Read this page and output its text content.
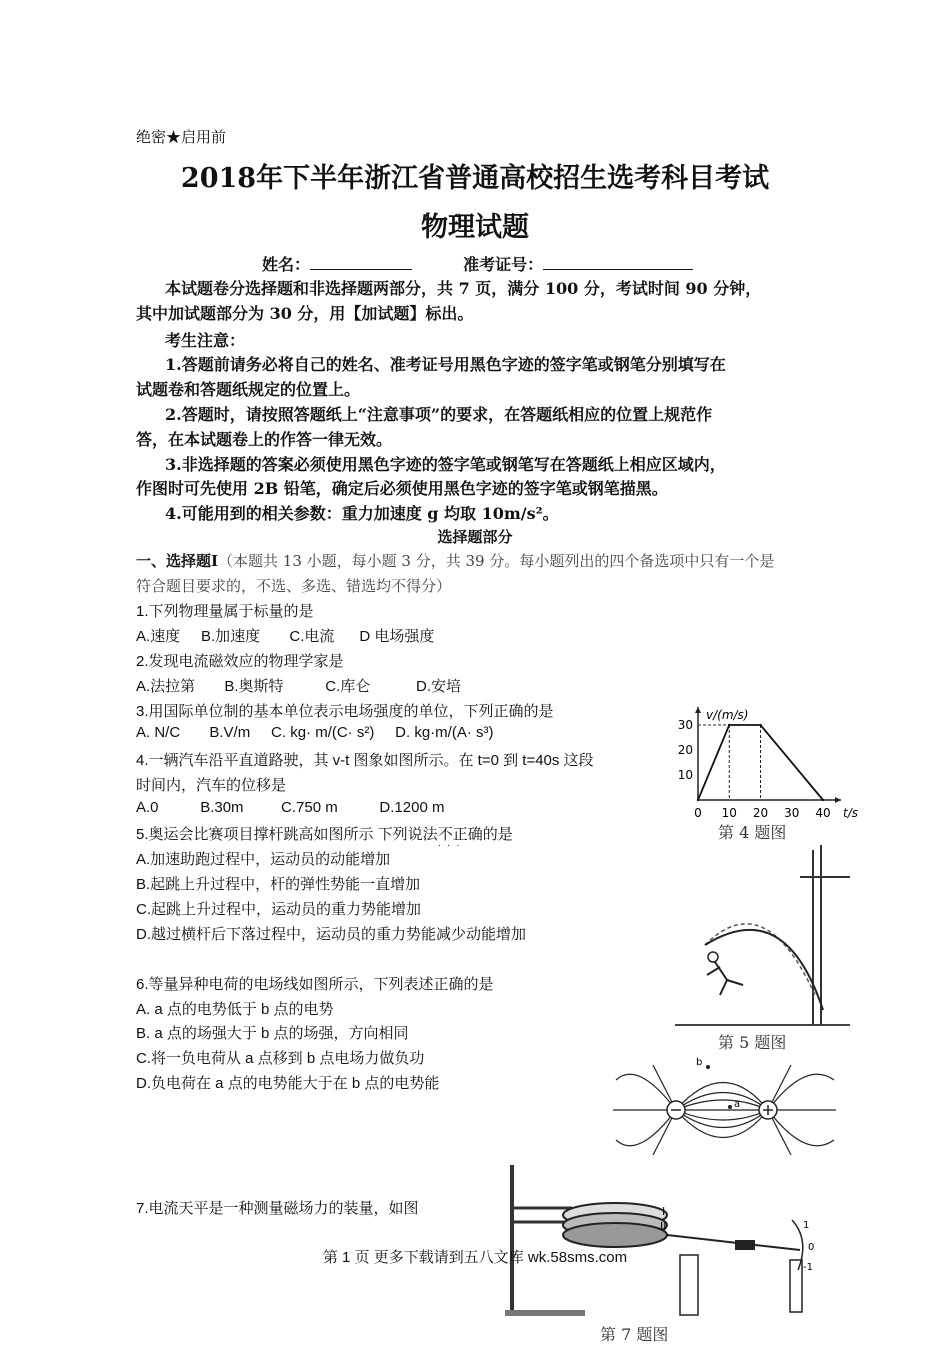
绝密★启用前
2018年下半年浙江省普通高校招生选考科目考试
物理试题
姓名：	准考证号：
本试题卷分选择题和非选择题两部分，共 7 页，满分 100 分，考试时间 90 分钟，
其中加试题部分为 30 分，用【加试题】标出。
考生注意：
1.答题前请务必将自己的姓名、准考证号用黑色字迹的签字笔或钢笔分别填写在
试题卷和答题纸规定的位置上。
2.答题时，请按照答题纸上“注意事项”的要求，在答题纸相应的位置上规范作
答，在本试题卷上的作答一律无效。
3.非选择题的答案必须使用黑色字迹的签字笔或钢笔写在答题纸上相应区域内，
作图时可先使用 2B 铅笔，确定后必须使用黑色字迹的签字笔或钢笔描黑。
4.可能用到的相关参数：重力加速度 g 均取 10m/s²。
选择题部分
一、选择题Ⅰ（本题共 13 小题，每小题 3 分，共 39 分。每小题列出的四个备选项中只有一个是
符合题目要求的，不选、多选、错选均不得分）
1.下列物理量属于标量的是
A.速度     B.加速度       C.电流      D 电场强度
2.发现电流磁效应的物理学家是
A.法拉第       B.奥斯特          C.库仑           D.安培
3.用国际单位制的基本单位表示电场强度的单位，下列正确的是
A. N/C       B.V/m     C. kg· m/(C· s²)     D. kg·m/(A· s³)
4.一辆汽车沿平直道路驶，其 v-t 图象如图所示。在 t=0 到 t=40s 这段
时间内，汽车的位移是
A.0          B.30m         C.750 m          D.1200 m
5.奥运会比赛项目撑杆跳高如图所示 下列说法不正确
···
的是
A.加速助跑过程中，运动员的动能增加
B.起跳上升过程中，杆的弹性势能一直增加
C.起跳上升过程中，运动员的重力势能增加
D.越过横杆后下落过程中，运动员的重力势能减少动能增加
6.等量异种电荷的电场线如图所示，下列表述正确的是
A. a 点的电势低于 b 点的电势
B. a 点的场强大于 b 点的场强，方向相同
C.将一负电荷从 a 点移到 b 点电场力做负功
D.负电荷在 a 点的电势能大于在 b 点的电势能
7.电流天平是一种测量磁场力的装量，如图
v/(m/s)
t/s
0 10 20 30 40
10
20
30
第 4 题图
第 5 题图
a
b
I
II	1
0
-1
第 7 题图
第 1 页 更多下载请到五八文库 wk.58sms.com
